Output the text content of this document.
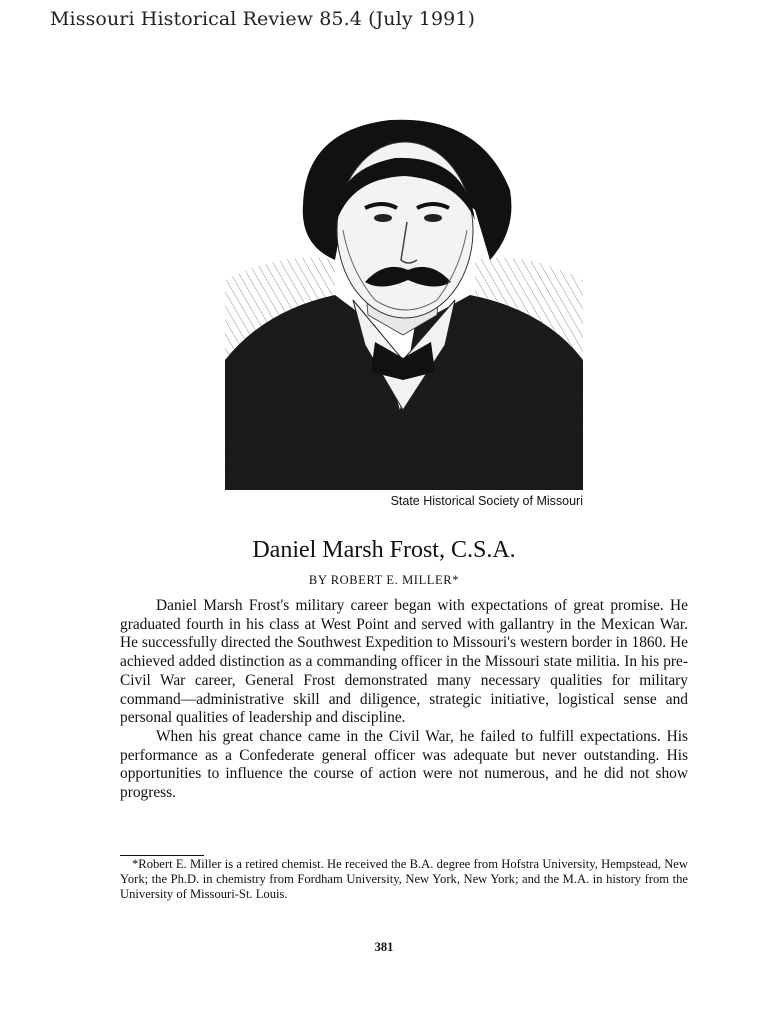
Missouri Historical Review 85.4 (July 1991)
State Historical Society of Missouri
Daniel Marsh Frost, C.S.A.
BY ROBERT E. MILLER*

Daniel Marsh Frost's military career began with expectations of great promise. He graduated fourth in his class at West Point and served with gallantry in the Mexican War. He successfully directed the Southwest Expedition to Missouri's western border in 1860. He achieved added distinction as a commanding officer in the Missouri state militia. In his pre-Civil War career, General Frost demonstrated many necessary qualities for military command—administrative skill and diligence, strategic initiative, logistical sense and personal qualities of leadership and discipline.

When his great chance came in the Civil War, he failed to fulfill expectations. His performance as a Confederate general officer was adequate but never outstanding. His opportunities to influence the course of action were not numerous, and he did not show progress.

*Robert E. Miller is a retired chemist. He received the B.A. degree from Hofstra University, Hempstead, New York; the Ph.D. in chemistry from Fordham University, New York, New York; and the M.A. in history from the University of Missouri-St. Louis.
381
